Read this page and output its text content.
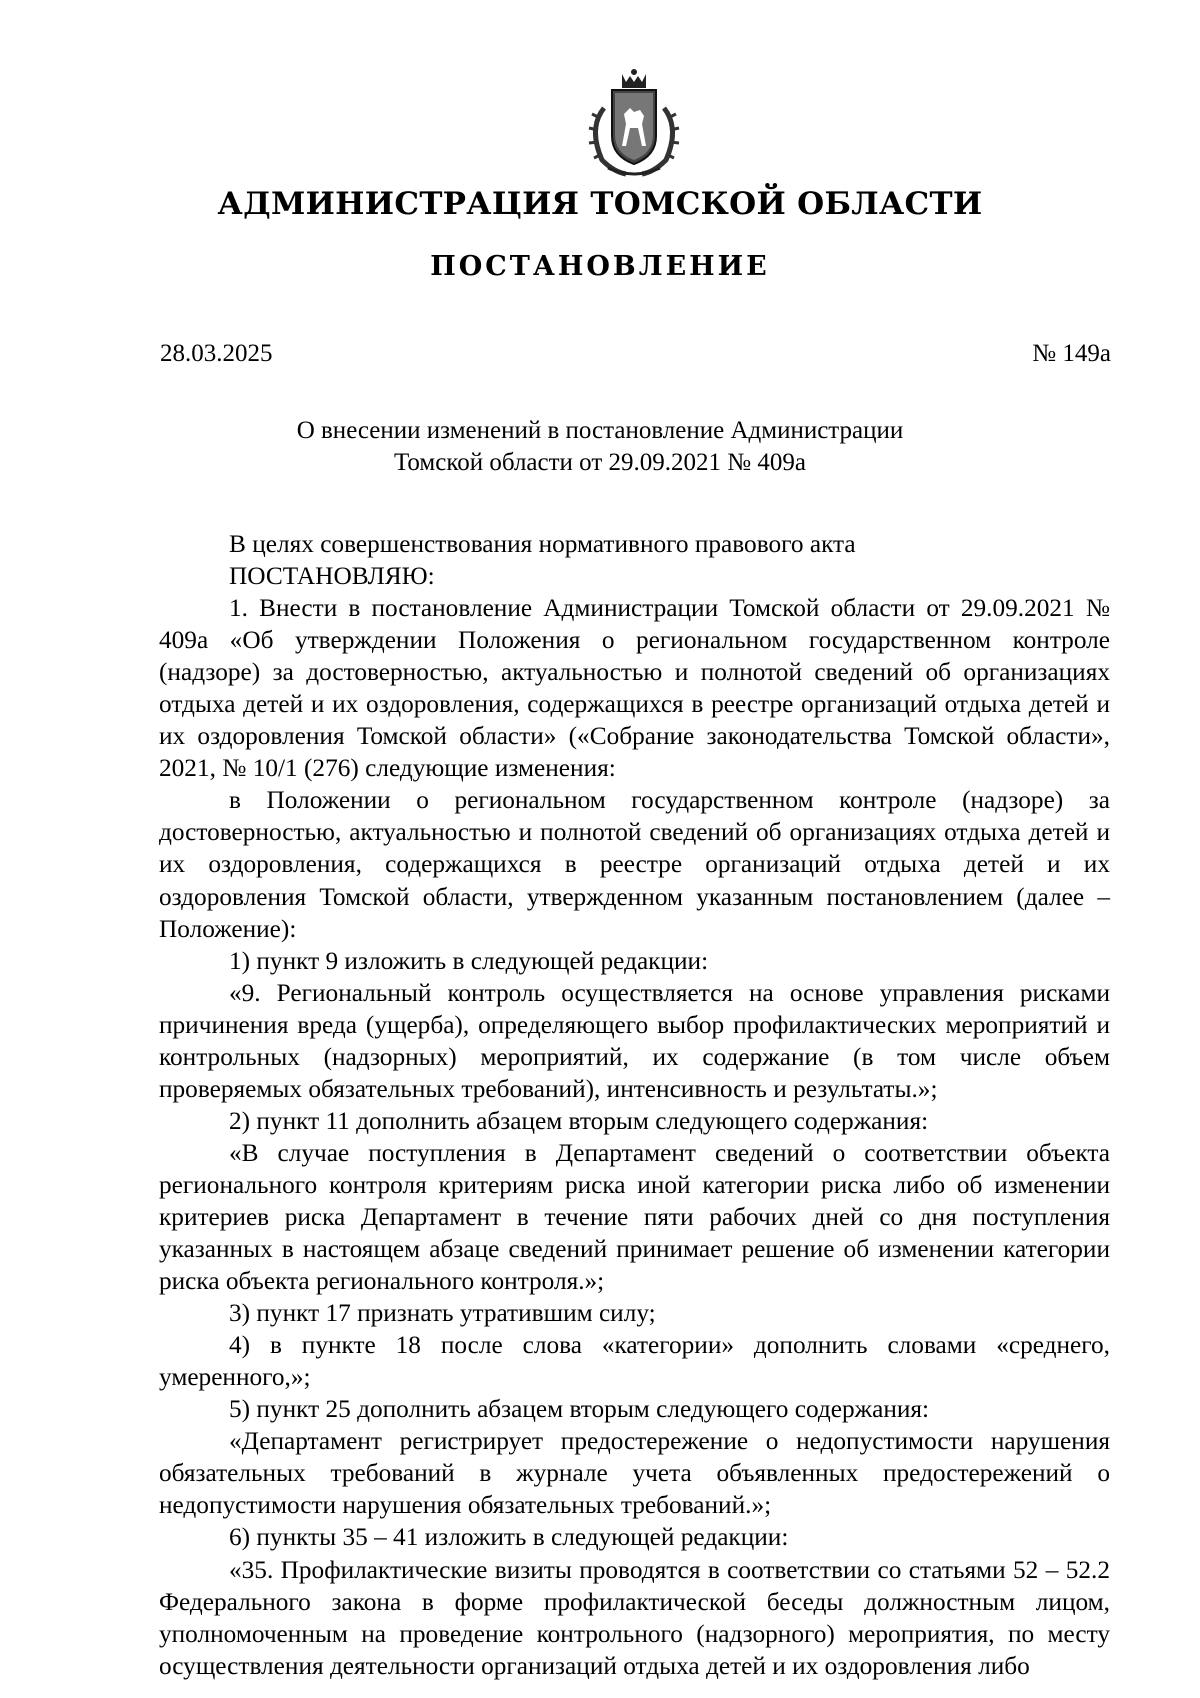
АДМИНИСТРАЦИЯ ТОМСКОЙ ОБЛАСТИ
ПОСТАНОВЛЕНИЕ
28.03.2025	№ 149а
О внесении изменений в постановление Администрации
Томской области от 29.09.2021 № 409а

В целях совершенствования нормативного правового акта

ПОСТАНОВЛЯЮ:

1. Внести в постановление Администрации Томской области от 29.09.2021 № 409а «Об утверждении Положения о региональном государственном контроле (надзоре) за достоверностью, актуальностью и полнотой сведений об организациях отдыха детей и их оздоровления, содержащихся в реестре организаций отдыха детей и их оздоровления Томской области» («Собрание законодательства Томской области», 2021, № 10/1 (276) следующие изменения:

в Положении о региональном государственном контроле (надзоре) за достоверностью, актуальностью и полнотой сведений об организациях отдыха детей и их оздоровления, содержащихся в реестре организаций отдыха детей и их оздоровления Томской области, утвержденном указанным постановлением (далее – Положение):

1) пункт 9 изложить в следующей редакции:

«9. Региональный контроль осуществляется на основе управления рисками причинения вреда (ущерба), определяющего выбор профилактических мероприятий и контрольных (надзорных) мероприятий, их содержание (в том числе объем проверяемых обязательных требований), интенсивность и результаты.»;

2) пункт 11 дополнить абзацем вторым следующего содержания:

«В случае поступления в Департамент сведений о соответствии объекта регионального контроля критериям риска иной категории риска либо об изменении критериев риска Департамент в течение пяти рабочих дней со дня поступления указанных в настоящем абзаце сведений принимает решение об изменении категории риска объекта регионального контроля.»;

3) пункт 17 признать утратившим силу;

4) в пункте 18 после слова «категории» дополнить словами «среднего, умеренного,»;

5) пункт 25 дополнить абзацем вторым следующего содержания:

«Департамент регистрирует предостережение о недопустимости нарушения обязательных требований в журнале учета объявленных предостережений о недопустимости нарушения обязательных требований.»;

6) пункты 35 – 41 изложить в следующей редакции:

«35. Профилактические визиты проводятся в соответствии со статьями 52 – 52.2 Федерального закона в форме профилактической беседы должностным лицом, уполномоченным на проведение контрольного (надзорного) мероприятия, по месту осуществления деятельности организаций отдыха детей и их оздоровления либо
